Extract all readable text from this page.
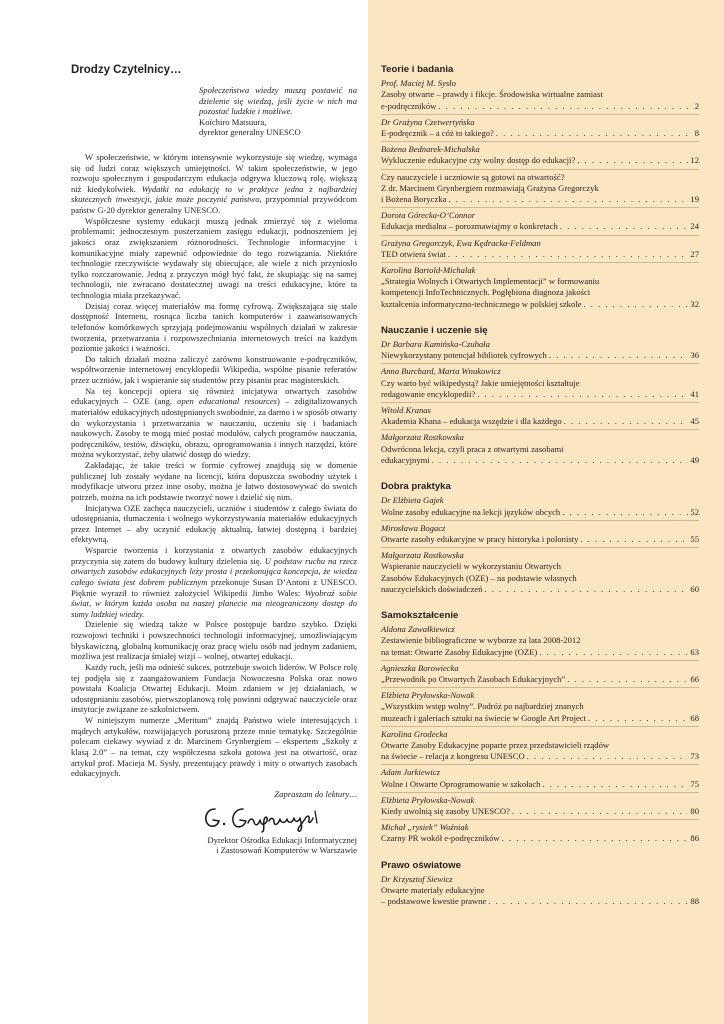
Drodzy Czytelnicy…
Społeczeństwa wiedzy muszą postawić na dzielenie się wiedzą, jeśli życie w nich ma pozostać ludzkie i możliwe.
Koïchiro Matsuura,
dyrektor generalny UNESCO

W społeczeństwie, w którym intensywnie wykorzystuje się wiedzę, wymaga się od ludzi coraz większych umiejętności. W takim społeczeństwie, w jego rozwoju społecznym i gospodarczym edukacja odgrywa kluczową rolę, większą niż kiedykolwiek. Wydatki na edukację to w praktyce jedna z najbardziej skutecznych inwestycji, jakie może poczynić państwo, przypomniał przywódcom państw G-20 dyrektor generalny UNESCO.

Współczesne systemy edukacji muszą jednak zmierzyć się z wieloma problemami: jednoczesnym poszerzaniem zasięgu edukacji, podnoszeniem jej jakości oraz zwiększaniem różnorodności. Technologie informacyjne i komunikacyjne miały zapewnić odpowiednie do tego rozwiązania. Niektóre technologie rzeczywiście wydawały się obiecujące, ale wiele z nich przyniosło tylko rozczarowanie. Jedną z przyczyn mógł być fakt, że skupiając się na samej technologii, nie zwracano dostatecznej uwagi na treści edukacyjne, które ta technologia miała przekazywać.

Dzisiaj coraz więcej materiałów ma formę cyfrową. Zwiększająca się stale dostępność Internetu, rosnąca liczba tanich komputerów i zaawansowanych telefonów komórkowych sprzyjają podejmowaniu wspólnych działań w zakresie tworzenia, przetwarzania i rozpowszechniania internetowych treści na każdym poziomie jakości i ważności.

Do takich działań można zaliczyć zarówno konstruowanie e-podręczników, współtworzenie internetowej encyklopedii Wikipedia, wspólne pisanie referatów przez uczniów, jak i wspieranie się studentów przy pisaniu prac magisterskich.

Na tej koncepcji opiera się również inicjatywa otwartych zasobów edukacyjnych – OZE (ang. open educational resources) – zdigitalizowanych materiałów edukacyjnych udostępnianych swobodnie, za darmo i w sposób otwarty do wykorzystania i przetwarzania w nauczaniu, uczeniu się i badaniach naukowych. Zasoby te mogą mieć postać modułów, całych programów nauczania, podręczników, testów, dźwięku, obrazu, oprogramowania i innych narzędzi, które można wykorzystać, żeby ułatwić dostęp do wiedzy.

Zakładając, że takie treści w formie cyfrowej znajdują się w domenie publicznej lub zostały wydane na licencji, która dopuszcza swobodny użytek i modyfikacje utworu przez inne osoby, można je łatwo dostosowywać do swoich potrzeb, można na ich podstawie tworzyć nowe i dzielić się nim.

Inicjatywa OZE zachęca nauczycieli, uczniów i studentów z całego świata do udostępniania, tłumaczenia i wolnego wykorzystywania materiałów edukacyjnych przez Internet – aby uczynić edukację aktualną, łatwiej dostępną i bardziej efektywną.

Wsparcie tworzenia i korzystania z otwartych zasobów edukacyjnych przyczynia się zatem do budowy kultury dzielenia się. U podstaw ruchu na rzecz otwartych zasobów edukacyjnych leży prosta i przekonująca koncepcja, że wiedza całego świata jest dobrem publicznym przekonuje Susan D’Antoni z UNESCO. Pięknie wyraził to również założyciel Wikipedii Jimbo Wales: Wyobraź sobie świat, w którym każda osoba na naszej planecie ma nieograniczony dostęp do sumy ludzkiej wiedzy.

Dzielenie się wiedzą także w Polsce postępuje bardzo szybko. Dzięki rozwojowi techniki i powszechności technologii informacyjnej, umożliwiającym błyskawiczną, globalną komunikację oraz pracę wielu osób nad jednym zadaniem, możliwa jest realizacja śmiałej wizji – wolnej, otwartej edukacji.

Każdy ruch, jeśli ma odnieść sukces, potrzebuje swoich liderów. W Polsce rolę tej podjęła się z zaangażowaniem Fundacja Nowoczesna Polska oraz nowo powstała Koalicja Otwartej Edukacji. Moim zdaniem w jej działaniach, w udostępnianiu zasobów, pierwszoplanową rolę powinni odgrywać nauczyciele oraz instytucje związane ze szkolnictwem.

W niniejszym numerze „Meritum” znajdą Państwo wiele interesujących i mądrych artykułów, rozwijających poruszoną przeze mnie tematykę. Szczególnie polecam ciekawy wywiad z dr. Marcinem Grynbergiem – ekspertem „Szkoły z klasą 2.0” – na temat, czy współczesna szkoła gotowa jest na otwartość, oraz artykuł prof. Macieja M. Sysły, prezentujący prawdy i mity o otwartych zasobach edukacyjnych.

Zapraszam do lektury…
Dyrektor Ośrodka Edukacji Informatycznej
i Zastosowań Komputerów w Warszawie
Teorie i badania
Prof. Maciej M. Sysło
Zasoby otwarte – prawdy i fikcje. Środowiska wirtualne zamiast
e-podręczników . . .	2
Dr Grażyna Czetwertyńska
E-podręcznik – a cóż to takiego? . . .	8
Bożena Bednarek-Michalska
Wykluczenie edukacyjne czy wolny dostęp do edukacji? . . .	12
Czy nauczyciele i uczniowie są gotowi na otwartość?
Z dr. Marcinem Grynbergiem rozmawiają Grażyna Gregorczyk
i Bożena Boryczka . . .	19
Dorota Górecka-O’Connor
Edukacja medialna – porozmawiajmy o konkretach . . .	24
Grażyna Gregorczyk, Ewa Kędracka-Feldman
TED otwiera świat . . .	27
Karolina Bartold-Michalak
„Strategia Wolnych i Otwartych Implementacji” w formowaniu
kompetencji InfoTechnicznych. Pogłębiona diagnoza jakości
kształcenia informatyczno-technicznego w polskiej szkole . . .	32
Nauczanie i uczenie się
Dr Barbara Kamińska-Czubała
Niewykorzystany potencjał bibliotek cyfrowych . . .	36
Anna Burchard, Marta Wnukowicz
Czy warto być wikipedystą? Jakie umiejętności kształtuje
redagowanie encyklopedii? . . .	41
Witold Kranas
Akademia Khana – edukacja wszędzie i dla każdego . . .	45
Małgorzata Rostkowska
Odwrócona lekcja, czyli praca z otwartymi zasobami
edukacyjnymi . . .	49
Dobra praktyka
Dr Elżbieta Gajek
Wolne zasoby edukacyjne na lekcji języków obcych . . .	52
Mirosława Bogacz
Otwarte zasoby edukacyjne w pracy historyka i polonisty . . .	55
Małgorzata Rostkowska
Wspieranie nauczycieli w wykorzystaniu Otwartych
Zasobów Edukacyjnych (OZE) – na podstawie własnych
nauczycielskich doświadczeń . . .	60
Samokształcenie
Aldona Zawałkiewicz
Zestawienie bibliograficzne w wyborze za lata 2008-2012
na temat: Otwarte Zasoby Edukacyjne (OZE) . . .	63
Agnieszka Borowiecka
„Przewodnik po Otwartych Zasobach Edukacyjnych” . . .	66
Elżbieta Pryłowska-Nowak
„Wszystkim wstęp wolny”. Podróż po najbardziej znanych
muzeach i galeriach sztuki na świecie w Google Art Project . . .	68
Karolina Grodecka
Otwarte Zasoby Edukacyjne poparte przez przedstawicieli rządów
na świecie – relacja z kongresu UNESCO . . .	73
Adam Jurkiewicz
Wolne i Otwarte Oprogramowanie w szkołach . . .	75
Elżbieta Pryłowska-Nowak
Kiedy uwolnią się zasoby UNESCO? . . .	80
Michał „rysiek” Woźniak
Czarny PR wokół e-podręczników . . .	86
Prawo oświatowe
Dr Krzysztof Siewicz
Otwarte materiały edukacyjne
– podstawowe kwestie prawne . . .	88
